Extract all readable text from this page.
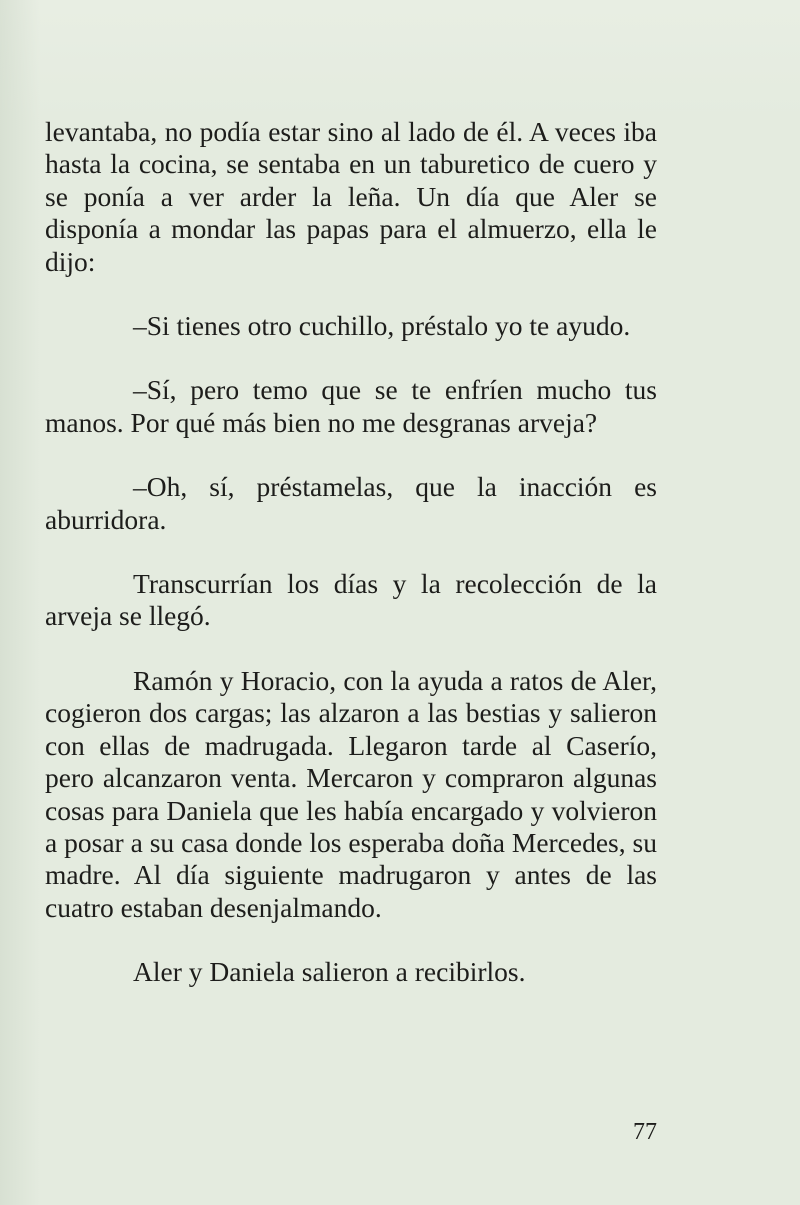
levantaba, no podía estar sino al lado de él. A veces iba hasta la cocina, se sentaba en un taburetico de cuero y se ponía a ver arder la leña. Un día que Aler se disponía a mondar las papas para el almuerzo, ella le dijo:

–Si tienes otro cuchillo, préstalo yo te ayudo.

–Sí, pero temo que se te enfríen mucho tus manos. Por qué más bien no me desgranas arveja?

–Oh, sí, préstamelas, que la inacción es aburridora.

Transcurrían los días y la recolección de la arveja se llegó.

Ramón y Horacio, con la ayuda a ratos de Aler, cogieron dos cargas; las alzaron a las bestias y salieron con ellas de madrugada. Llegaron tarde al Caserío, pero alcanzaron venta. Mercaron y compraron algunas cosas para Daniela que les había encargado y volvieron a posar a su casa donde los esperaba doña Mercedes, su madre. Al día siguiente madrugaron y antes de las cuatro estaban desenjalmando.

Aler y Daniela salieron a recibirlos.

77
